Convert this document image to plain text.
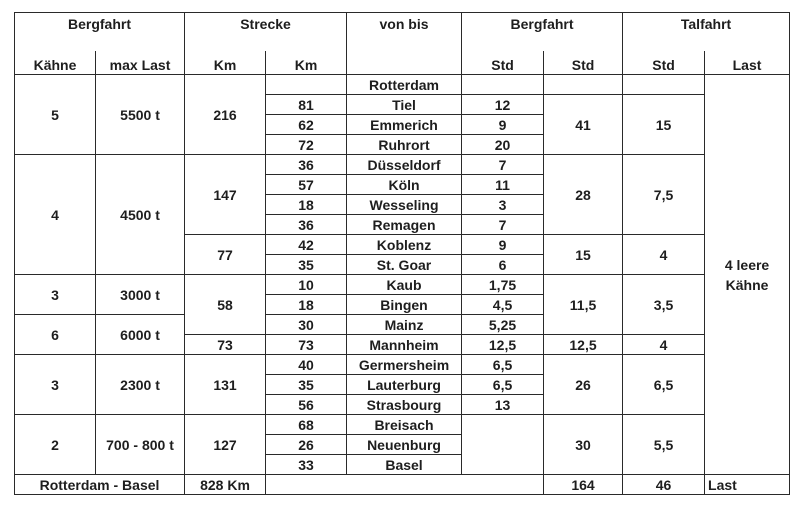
Bergfahrt		Strecke		von bis	Bergfahrt		Talfahrt	
Kähne	max Last	Km	Km		Std	Std	Std	Last
5	5500 t	216		Rotterdam				4 leere Kähne
			81	Tiel	12	41	15	
			62	Emmerich	9			
			72	Ruhrort	20			
4	4500 t	147	36	Düsseldorf	7	28	7,5	
			57	Köln	11			
			18	Wesseling	3			
			36	Remagen	7			
		77	42	Koblenz	9	15	4	
			35	St. Goar	6			
3	3000 t	58	10	Kaub	1,75	11,5	3,5	
			18	Bingen	4,5			
6	6000 t		30	Mainz	5,25			
		73	73	Mannheim	12,5	12,5	4	
3	2300 t	131	40	Germersheim	6,5	26	6,5	
			35	Lauterburg	6,5			
			56	Strasbourg	13			
2	700 - 800 t	127	68	Breisach		30	5,5	
			26	Neuenburg				
			33	Basel				
Rotterdam - Basel		828 Km				164	46	Last
